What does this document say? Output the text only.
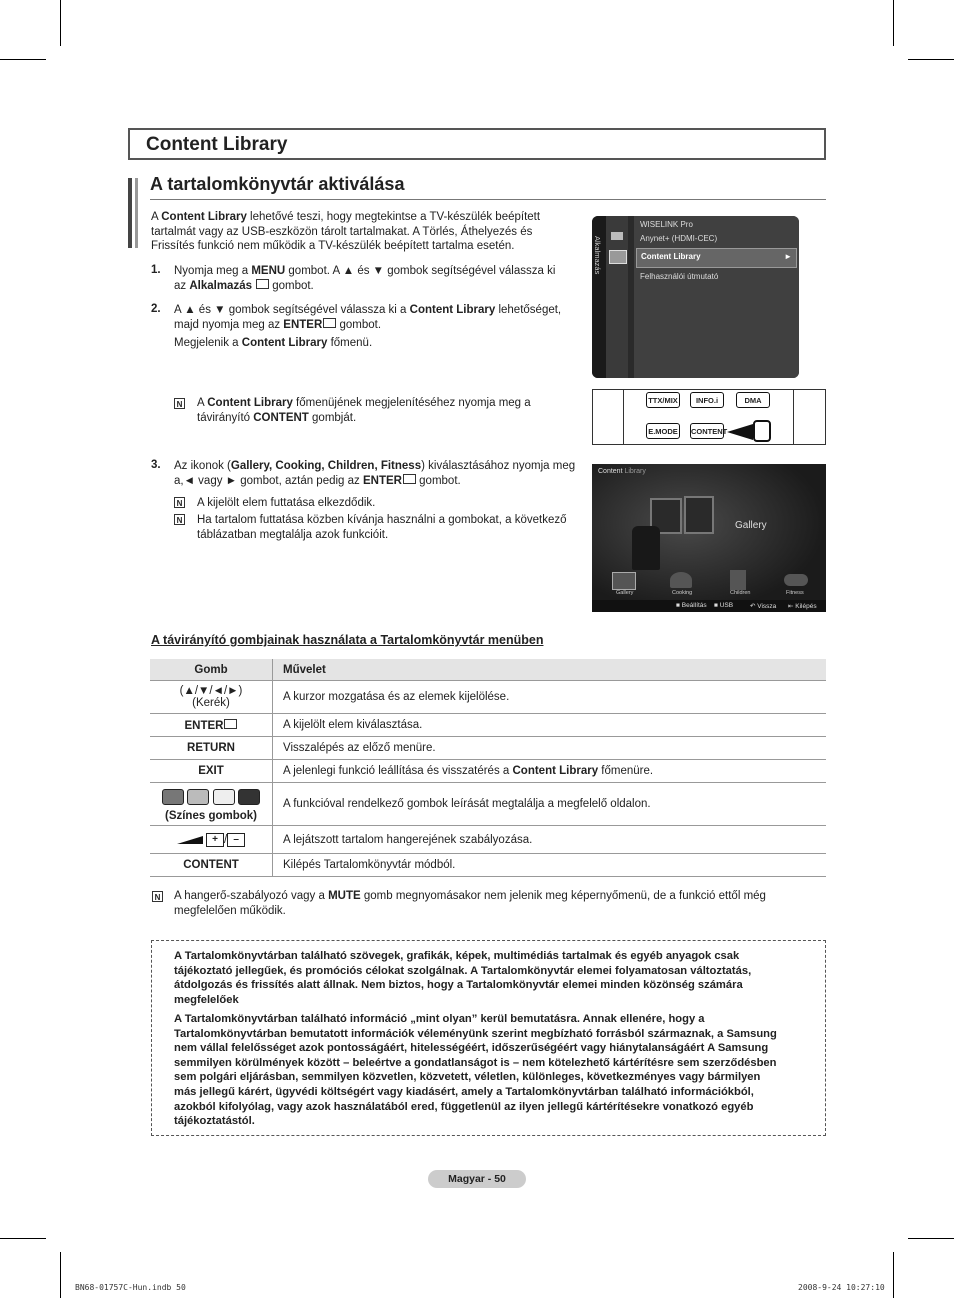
Content Library
A tartalomkönyvtár aktiválása
A Content Library lehetővé teszi, hogy megtekintse a TV-készülék beépített
tartalmát vagy az USB-eszközön tárolt tartalmakat. A Törlés, Áthelyezés és
Frissítés funkció nem működik a TV-készülék beépített tartalma esetén.
1. Nyomja meg a MENU gombot. A ▲ és ▼ gombok segítségével válassza ki
az Alkalmazás gombot.
2. A ▲ és ▼ gombok segítségével válassza ki a Content Library lehetőséget,
majd nyomja meg az ENTER gombot.
Megjelenik a Content Library főmenü.
N A Content Library főmenüjének megjelenítéséhez nyomja meg a
távirányító CONTENT gombját.
3. Az ikonok (Gallery, Cooking, Children, Fitness) kiválasztásához nyomja meg
a,◄ vagy ► gombot, aztán pedig az ENTER gombot.
N A kijelölt elem futtatása elkezdődik.
N Ha tartalom futtatása közben kívánja használni a gombokat, a következő
táblázatban megtalálja azok funkcióit.
Alkalmazás
WISELINK Pro
Anynet+ (HDMI-CEC)
Content Library	►
Felhasználói útmutató
TTX/MIX	INFO.i	DMA
E.MODE CONTENT
Content Library
Gallery
Gallery	Cooking	Children	Fitness
■ Beállítás ■ USB	↶ Vissza ⇤ Kilépés
A távirányító gombjainak használata a Tartalomkönyvtár menüben
Gomb	Művelet

(▲/▼/◄/►)
(Kerék)	A kurzor mozgatása és az elemek kijelölése.
ENTER	A kijelölt elem kiválasztása.
RETURN	Visszalépés az előző menüre.
EXIT	A jelenlegi funkció leállítása és visszatérés a Content Library főmenüre.

(Színes gombok)	A funkcióval rendelkező gombok leírását megtalálja a megfelelő oldalon.
+ / –	A lejátszott tartalom hangerejének szabályozása.
CONTENT	Kilépés Tartalomkönyvtár módból.
N A hangerő-szabályozó vagy a MUTE gomb megnyomásakor nem jelenik meg képernyőmenü, de a funkció ettől még
megfelelően működik.
A Tartalomkönyvtárban található szövegek, grafikák, képek, multimédiás tartalmak és egyéb anyagok csak
tájékoztató jellegűek, és promóciós célokat szolgálnak. A Tartalomkönyvtár elemei folyamatosan változtatás,
átdolgozás és frissítés alatt állnak. Nem biztos, hogy a Tartalomkönyvtár elemei minden közönség számára
megfelelőek
A Tartalomkönyvtárban található információ „mint olyan” kerül bemutatásra. Annak ellenére, hogy a
Tartalomkönyvtárban bemutatott információk véleményünk szerint megbízható forrásból származnak, a Samsung
nem vállal felelősséget azok pontosságáért, hitelességéért, időszerűségéért vagy hiánytalanságáért A Samsung
semmilyen körülmények között – beleértve a gondatlanságot is – nem kötelezhető kártérítésre sem szerződésben
sem polgári eljárásban, semmilyen közvetlen, közvetett, véletlen, különleges, következményes vagy bármilyen
más jellegű kárért, ügyvédi költségért vagy kiadásért, amely a Tartalomkönyvtárban található információkból,
azokból kifolyólag, vagy azok használatából ered, függetlenül az ilyen jellegű kártérítésekre vonatkozó egyéb
tájékoztatástól.
Magyar - 50
BN68-01757C-Hun.indb 50	2008-9-24 10:27:10
